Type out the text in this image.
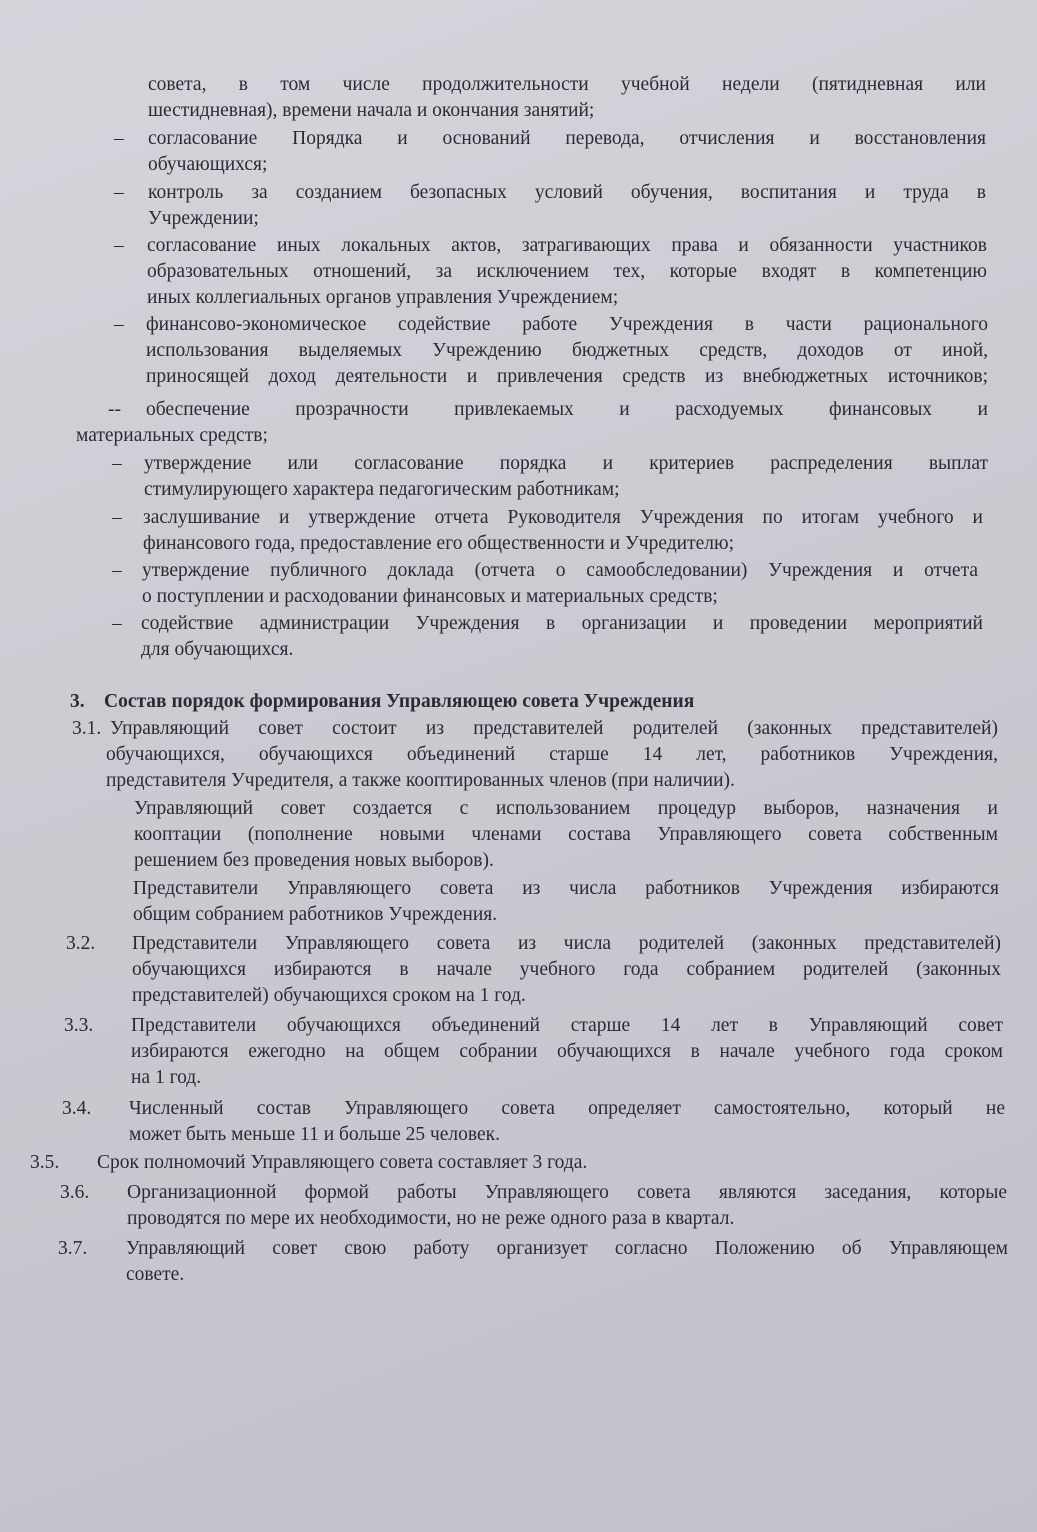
совета, в том числе продолжительности учебной недели (пятидневная или

шестидневная), времени начала и окончания занятий;

– согласование Порядка и оснований перевода, отчисления и восстановления

обучающихся;

– контроль за созданием безопасных условий обучения, воспитания и труда в

Учреждении;

– согласование иных локальных актов, затрагивающих права и обязанности участников

образовательных отношений, за исключением тех, которые входят в компетенцию

иных коллегиальных органов управления Учреждением;

– финансово-экономическое содействие работе Учреждения в части рационального

использования выделяемых Учреждению бюджетных средств, доходов от иной,

приносящей доход деятельности и привлечения средств из внебюджетных источников;

-- обеспечение прозрачности привлекаемых и расходуемых финансовых и

материальных средств;

– утверждение или согласование порядка и критериев распределения выплат

стимулирующего характера педагогическим работникам;

– заслушивание и утверждение отчета Руководителя Учреждения по итогам учебного и

финансового года, предоставление его общественности и Учредителю;

– утверждение публичного доклада (отчета о самообследовании) Учреждения и отчета

о поступлении и расходовании финансовых и материальных средств;

– содействие администрации Учреждения в организации и проведении мероприятий

для обучающихся.

3. Состав порядок формирования Управляющею совета Учреждения

3.1. Управляющий совет состоит из представителей родителей (законных представителей)

обучающихся, обучающихся объединений старше 14 лет, работников Учреждения,

представителя Учредителя, а также кооптированных членов (при наличии).

Управляющий совет создается с использованием процедур выборов, назначения и

кооптации (пополнение новыми членами состава Управляющего совета собственным

решением без проведения новых выборов).

Представители Управляющего совета из числа работников Учреждения избираются

общим собранием работников Учреждения.

3.2. Представители Управляющего совета из числа родителей (законных представителей)

обучающихся избираются в начале учебного года собранием родителей (законных

представителей) обучающихся сроком на 1 год.

3.3. Представители обучающихся объединений старше 14 лет в Управляющий совет

избираются ежегодно на общем собрании обучающихся в начале учебного года сроком

на 1 год.

3.4. Численный состав Управляющего совета определяет самостоятельно, который не

может быть меньше 11 и больше 25 человек.

3.5. Срок полномочий Управляющего совета составляет 3 года.

3.6. Организационной формой работы Управляющего совета являются заседания, которые

проводятся по мере их необходимости, но не реже одного раза в квартал.

3.7. Управляющий совет свою работу организует согласно Положению об Управляющем

совете.
